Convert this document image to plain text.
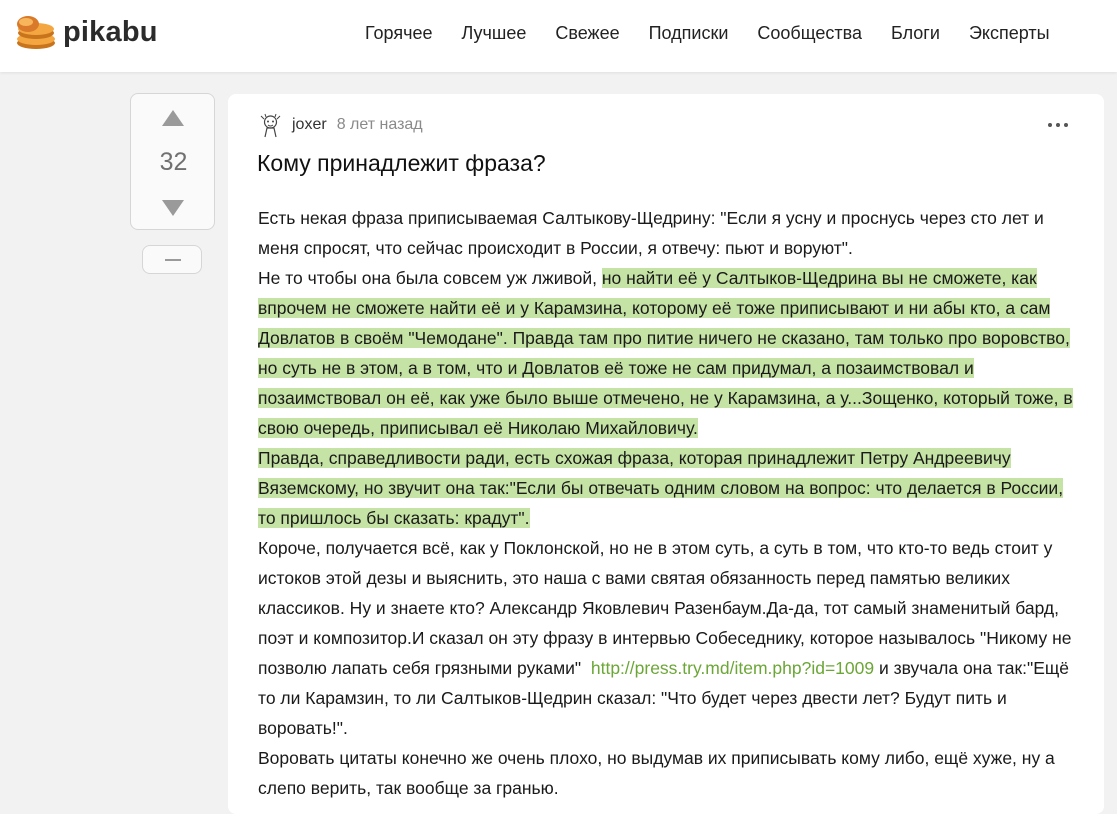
pikabu	Горячее Лучшее Свежее Подписки Сообщества Блоги Эксперты
32
joxer 8 лет назад
Кому принадлежит фраза?
Есть некая фраза приписываемая Салтыкову-Щедрину: "Если я усну и проснусь через сто лет и меня спросят, что сейчас происходит в России, я отвечу: пьют и воруют".
Не то чтобы она была совсем уж лживой, но найти её у Салтыков-Щедрина вы не сможете, как впрочем не сможете найти её и у Карамзина, которому её тоже приписывают и ни абы кто, а сам Довлатов в своём "Чемодане". Правда там про питие ничего не сказано, там только про воровство, но суть не в этом, а в том, что и Довлатов её тоже не сам придумал, а позаимствовал и позаимствовал он её, как уже было выше отмечено, не у Карамзина, а у...Зощенко, который тоже, в свою очередь, приписывал её Николаю Михайловичу.
Правда, справедливости ради, есть схожая фраза, которая принадлежит Петру Андреевичу Вяземскому, но звучит она так:"Если бы отвечать одним словом на вопрос: что делается в России, то пришлось бы сказать: крадут".
Короче, получается всё, как у Поклонской, но не в этом суть, а суть в том, что кто-то ведь стоит у истоков этой дезы и выяснить, это наша с вами святая обязанность перед памятью великих классиков. Ну и знаете кто? Александр Яковлевич Разенбаум.Да-да, тот самый знаменитый бард, поэт и композитор.И сказал он эту фразу в интервью Собеседнику, которое называлось "Никому не позволю лапать себя грязными руками" http://press.try.md/item.php?id=1009 и звучала она так:"Ещё то ли Карамзин, то ли Салтыков-Щедрин сказал: "Что будет через двести лет? Будут пить и воровать!".
Воровать цитаты конечно же очень плохо, но выдумав их приписывать кому либо, ещё хуже, ну а слепо верить, так вообще за гранью.
